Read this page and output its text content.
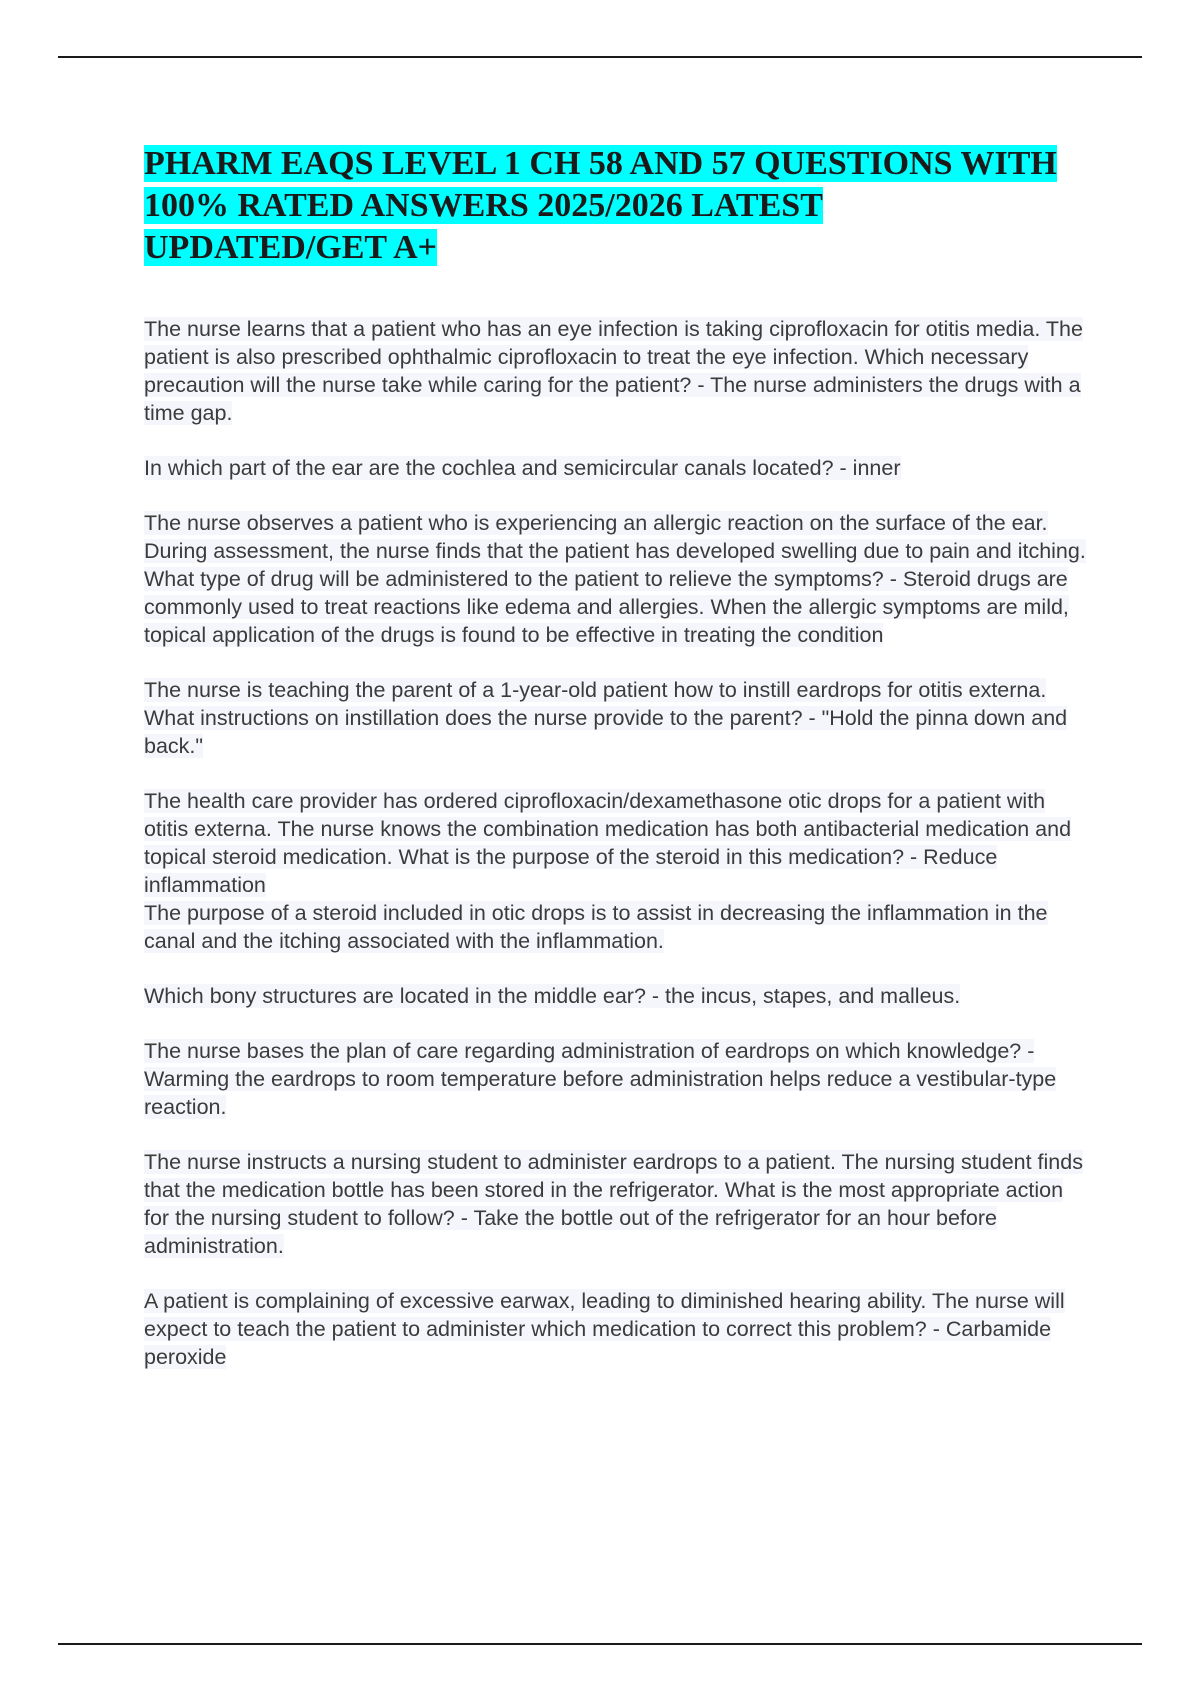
PHARM EAQS LEVEL 1 CH 58 AND 57 QUESTIONS WITH 100% RATED ANSWERS 2025/2026 LATEST UPDATED/GET A+
The nurse learns that a patient who has an eye infection is taking ciprofloxacin for otitis media. The patient is also prescribed ophthalmic ciprofloxacin to treat the eye infection. Which necessary precaution will the nurse take while caring for the patient? - The nurse administers the drugs with a time gap.
In which part of the ear are the cochlea and semicircular canals located? - inner
The nurse observes a patient who is experiencing an allergic reaction on the surface of the ear. During assessment, the nurse finds that the patient has developed swelling due to pain and itching. What type of drug will be administered to the patient to relieve the symptoms? - Steroid drugs are commonly used to treat reactions like edema and allergies. When the allergic symptoms are mild, topical application of the drugs is found to be effective in treating the condition
The nurse is teaching the parent of a 1-year-old patient how to instill eardrops for otitis externa. What instructions on instillation does the nurse provide to the parent? - "Hold the pinna down and back."
The health care provider has ordered ciprofloxacin/dexamethasone otic drops for a patient with otitis externa. The nurse knows the combination medication has both antibacterial medication and topical steroid medication. What is the purpose of the steroid in this medication? - Reduce inflammation
The purpose of a steroid included in otic drops is to assist in decreasing the inflammation in the canal and the itching associated with the inflammation.
Which bony structures are located in the middle ear? - the incus, stapes, and malleus.
The nurse bases the plan of care regarding administration of eardrops on which knowledge? - Warming the eardrops to room temperature before administration helps reduce a vestibular-type reaction.
The nurse instructs a nursing student to administer eardrops to a patient. The nursing student finds that the medication bottle has been stored in the refrigerator. What is the most appropriate action for the nursing student to follow? - Take the bottle out of the refrigerator for an hour before administration.
A patient is complaining of excessive earwax, leading to diminished hearing ability. The nurse will expect to teach the patient to administer which medication to correct this problem? - Carbamide peroxide
